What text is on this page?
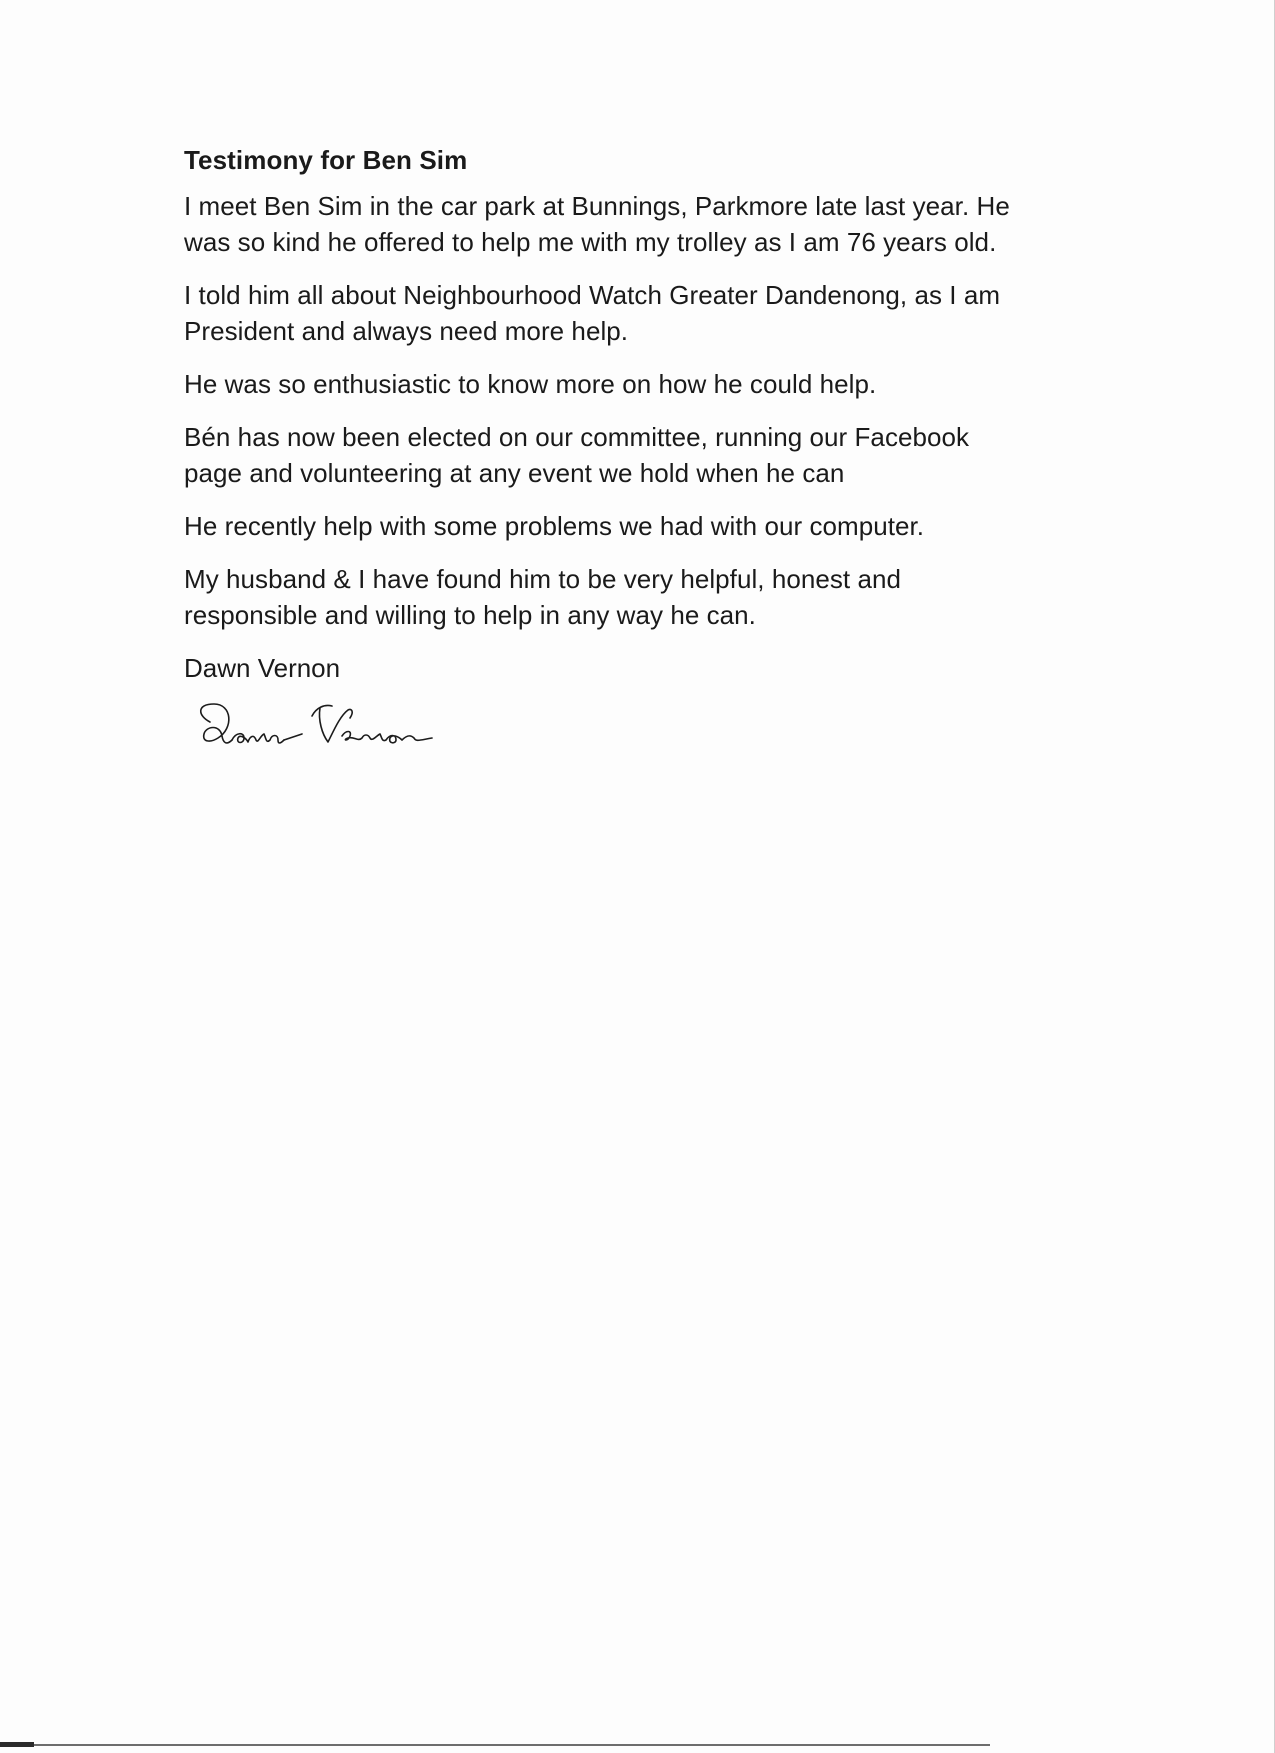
Testimony for Ben Sim
I meet Ben Sim in the car park at Bunnings, Parkmore late last year. He
was so kind he offered to help me with my trolley as I am 76 years old.
I told him all about Neighbourhood Watch Greater Dandenong, as I am
President and always need more help.
He was so enthusiastic to know more on how he could help.
Bén has now been elected on our committee, running our Facebook
page and volunteering at any event we hold when he can
He recently help with some problems we had with our computer.
My husband & I have found him to be very helpful, honest and
responsible and willing to help in any way he can.
Dawn Vernon
